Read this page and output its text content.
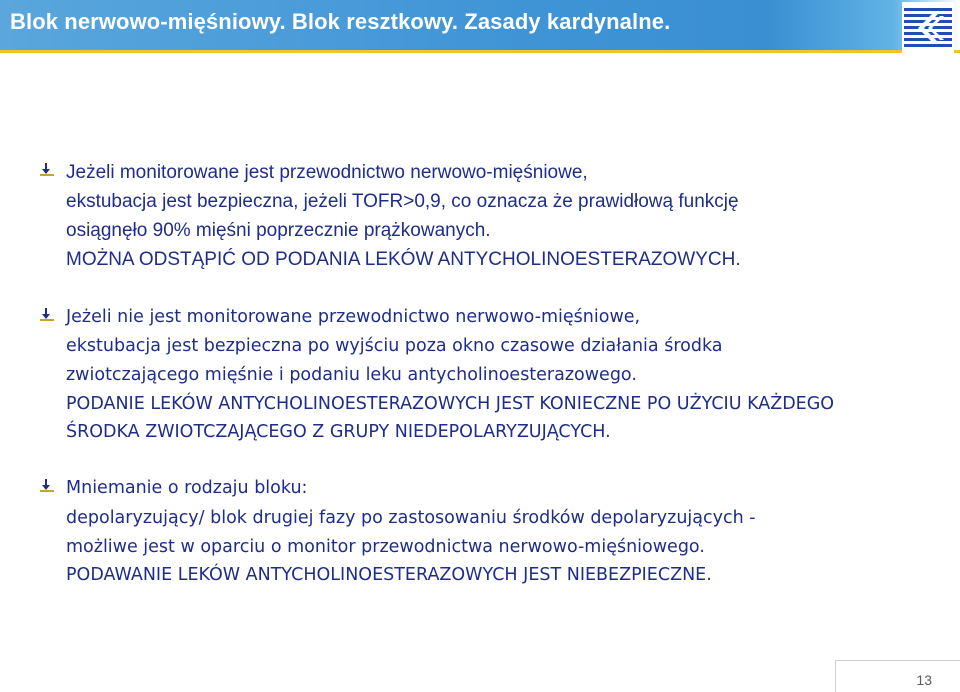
Blok nerwowo-mięśniowy. Blok resztkowy. Zasady kardynalne.
Jeżeli monitorowane jest przewodnictwo nerwowo-mięśniowe,
ekstubacja jest bezpieczna, jeżeli TOFR>0,9, co oznacza że prawidłową funkcję
osiągnęło 90% mięśni poprzecznie prążkowanych.
MOŻNA ODSTĄPIĆ OD PODANIA LEKÓW ANTYCHOLINOESTERAZOWYCH.
Jeżeli nie jest monitorowane przewodnictwo nerwowo-mięśniowe,
ekstubacja jest bezpieczna po wyjściu poza okno czasowe działania środka
zwiotczającego mięśnie i podaniu leku antycholinoesterazowego.
PODANIE LEKÓW ANTYCHOLINOESTERAZOWYCH JEST KONIECZNE PO UŻYCIU KAŻDEGO
ŚRODKA ZWIOTCZAJĄCEGO Z GRUPY NIEDEPOLARYZUJĄCYCH.
Mniemanie o rodzaju bloku:
depolaryzujący/ blok drugiej fazy po zastosowaniu środków depolaryzujących -
możliwe jest w oparciu o monitor przewodnictwa nerwowo-mięśniowego.
PODAWANIE LEKÓW ANTYCHOLINOESTERAZOWYCH JEST NIEBEZPIECZNE.
13
